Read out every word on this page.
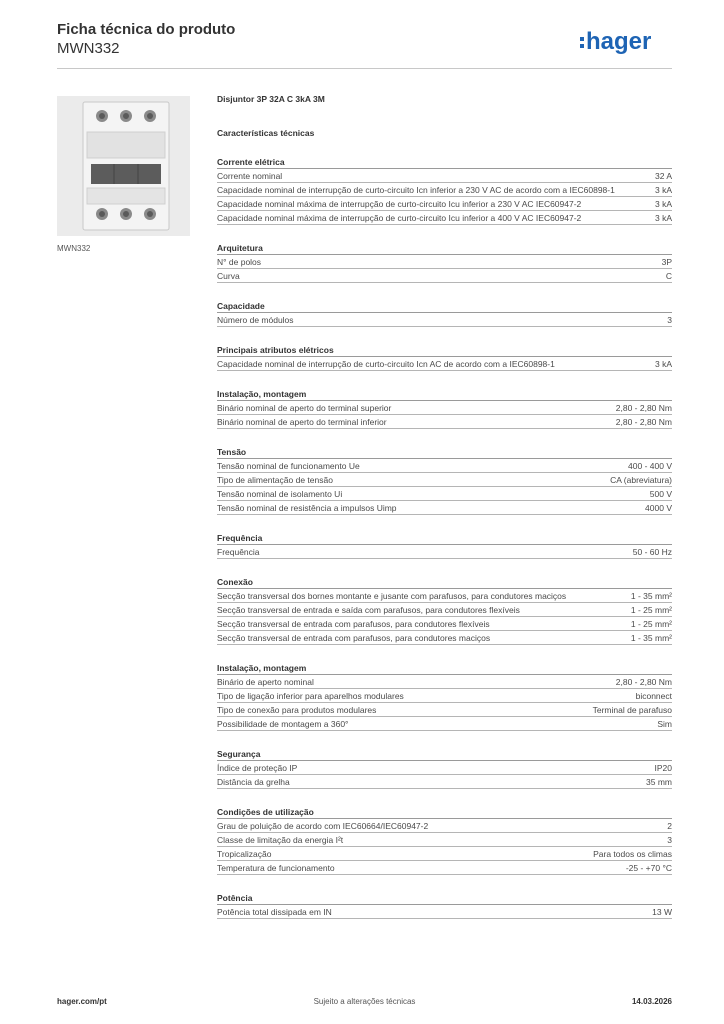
Ficha técnica do produto
MWN332	hager
MWN332
Disjuntor 3P 32A C 3kA 3M
Características técnicas
Corrente elétrica
Corrente nominal	32 A
Capacidade nominal de interrupção de curto-circuito Icn inferior a 230 V AC de acordo com a IEC60898-1	3 kA
Capacidade nominal máxima de interrupção de curto-circuito Icu inferior a 230 V AC IEC60947-2	3 kA
Capacidade nominal máxima de interrupção de curto-circuito Icu inferior a 400 V AC IEC60947-2	3 kA
Arquitetura
N° de polos	3P
Curva	C
Capacidade
Número de módulos	3
Principais atributos elétricos
Capacidade nominal de interrupção de curto-circuito Icn AC de acordo com a IEC60898-1	3 kA
Instalação, montagem
Binário nominal de aperto do terminal superior	2,80 - 2,80 Nm
Binário nominal de aperto do terminal inferior	2,80 - 2,80 Nm
Tensão
Tensão nominal de funcionamento Ue	400 - 400 V
Tipo de alimentação de tensão	CA (abreviatura)
Tensão nominal de isolamento Ui	500 V
Tensão nominal de resistência a impulsos Uimp	4000 V
Frequência
Frequência	50 - 60 Hz
Conexão
Secção transversal dos bornes montante e jusante com parafusos, para condutores maciços	1 - 35 mm²
Secção transversal de entrada e saída com parafusos, para condutores flexíveis	1 - 25 mm²
Secção transversal de entrada com parafusos, para condutores flexíveis	1 - 25 mm²
Secção transversal de entrada com parafusos, para condutores maciços	1 - 35 mm²
Instalação, montagem
Binário de aperto nominal	2,80 - 2,80 Nm
Tipo de ligação inferior para aparelhos modulares	biconnect
Tipo de conexão para produtos modulares	Terminal de parafuso
Possibilidade de montagem a 360°	Sim
Segurança
Índice de proteção IP	IP20
Distância da grelha	35 mm
Condições de utilização
Grau de poluição de acordo com IEC60664/IEC60947-2	2
Classe de limitação da energia I²t	3
Tropicalização	Para todos os climas
Temperatura de funcionamento	-25 - +70 °C
Potência
Potência total dissipada em IN	13 W
hager.com/pt	Sujeito a alterações técnicas	14.03.2026
